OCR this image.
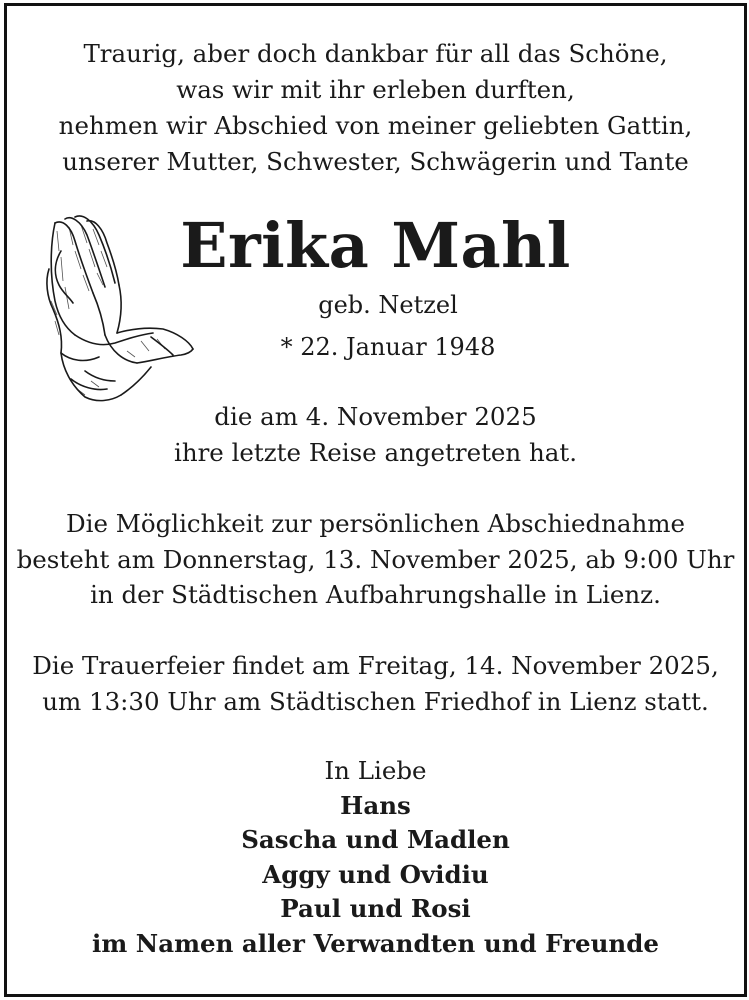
Traurig, aber doch dankbar für all das Schöne,
was wir mit ihr erleben durften,
nehmen wir Abschied von meiner geliebten Gattin,
unserer Mutter, Schwester, Schwägerin und Tante
Erika Mahl
geb. Netzel
* 22. Januar 1948
die am 4. November 2025
ihre letzte Reise angetreten hat.
Die Möglichkeit zur persönlichen Abschiednahme
besteht am Donnerstag, 13. November 2025, ab 9:00 Uhr
in der Städtischen Aufbahrungshalle in Lienz.
Die Trauerfeier findet am Freitag, 14. November 2025,
um 13:30 Uhr am Städtischen Friedhof in Lienz statt.
In Liebe
Hans
Sascha und Madlen
Aggy und Ovidiu
Paul und Rosi
im Namen aller Verwandten und Freunde
